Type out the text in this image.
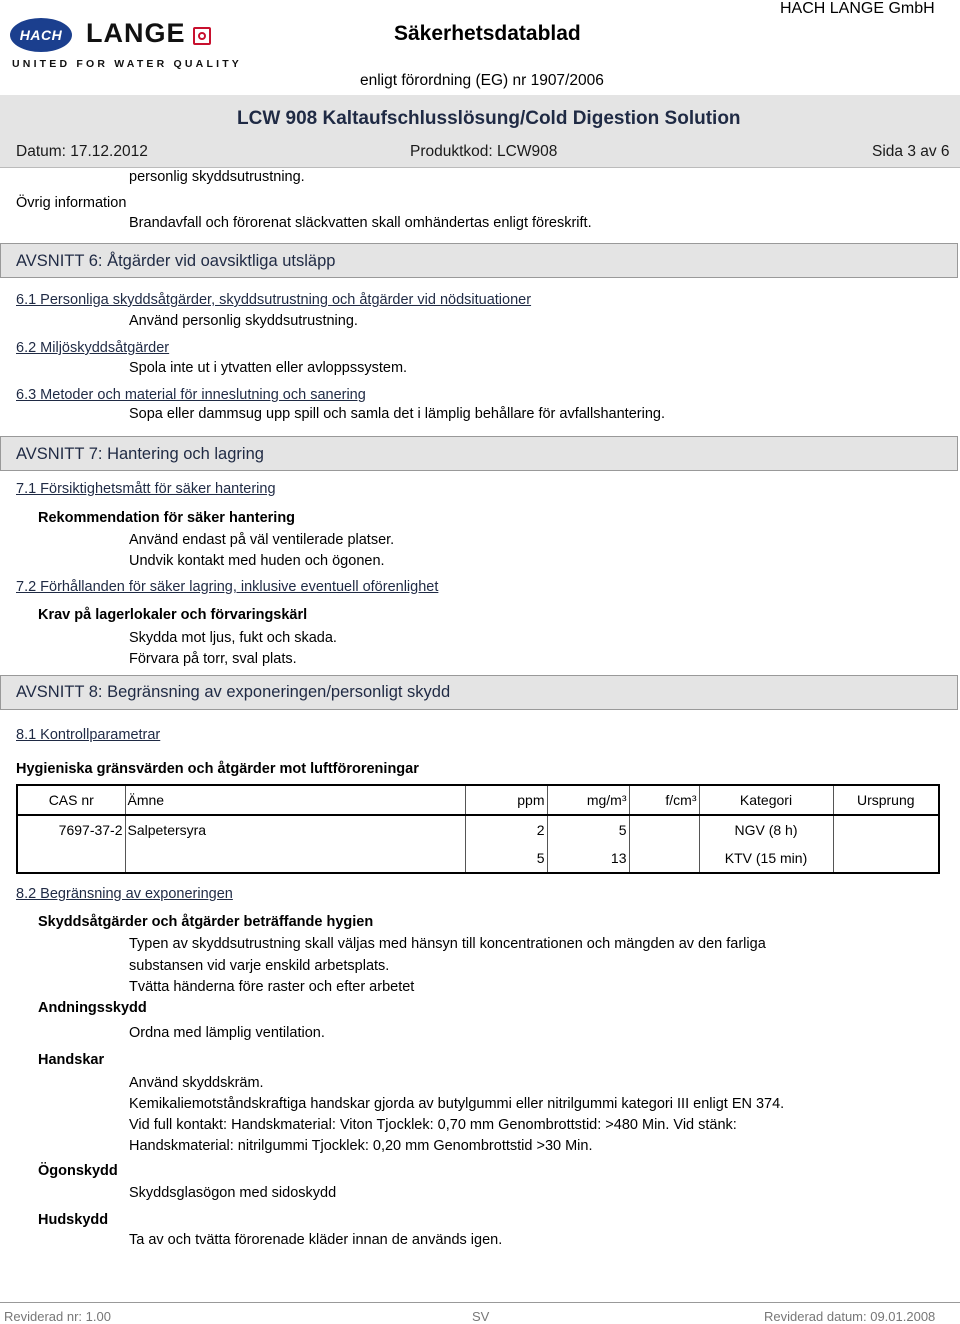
HACH LANGE
UNITED FOR WATER QUALITY
Säkerhetsdatablad
HACH LANGE GmbH
enligt förordning (EG) nr 1907/2006
LCW 908 Kaltaufschlusslösung/Cold Digestion Solution
Datum: 17.12.2012	Produktkod: LCW908	Sida 3 av 6
personlig skyddsutrustning.
Övrig information
Brandavfall och förorenat släckvatten skall omhändertas enligt föreskrift.
AVSNITT 6: Åtgärder vid oavsiktliga utsläpp
6.1 Personliga skyddsåtgärder, skyddsutrustning och åtgärder vid nödsituationer
Använd personlig skyddsutrustning.
6.2 Miljöskyddsåtgärder
Spola inte ut i ytvatten eller avloppssystem.
6.3 Metoder och material för inneslutning och sanering
Sopa eller dammsug upp spill och samla det i lämplig behållare för avfallshantering.
AVSNITT 7: Hantering och lagring
7.1 Försiktighetsmått för säker hantering
Rekommendation för säker hantering
Använd endast på väl ventilerade platser.
Undvik kontakt med huden och ögonen.
7.2 Förhållanden för säker lagring, inklusive eventuell oförenlighet
Krav på lagerlokaler och förvaringskärl
Skydda mot ljus, fukt och skada.
Förvara på torr, sval plats.
AVSNITT 8: Begränsning av exponeringen/personligt skydd
8.1 Kontrollparametrar
Hygieniska gränsvärden och åtgärder mot luftföroreningar
CAS nr	Ämne	ppm	mg/m³	f/cm³	Kategori	Ursprung
7697-37-2	Salpetersyra	2	5		NGV (8 h)	
		5	13		KTV (15 min)	
8.2 Begränsning av exponeringen
Skyddsåtgärder och åtgärder beträffande hygien
Typen av skyddsutrustning skall väljas med hänsyn till koncentrationen och mängden av den farliga
substansen vid varje enskild arbetsplats.
Tvätta händerna före raster och efter arbetet
Andningsskydd
Ordna med lämplig ventilation.
Handskar
Använd skyddskräm.
Kemikaliemotståndskraftiga handskar gjorda av butylgummi eller nitrilgummi kategori III enligt EN 374.
Vid full kontakt: Handskmaterial: Viton Tjocklek: 0,70 mm Genombrottstid: >480 Min. Vid stänk:
Handskmaterial: nitrilgummi Tjocklek: 0,20 mm Genombrottstid >30 Min.
Ögonskydd
Skyddsglasögon med sidoskydd
Hudskydd
Ta av och tvätta förorenade kläder innan de används igen.
Reviderad nr: 1.00	SV	Reviderad datum: 09.01.2008
